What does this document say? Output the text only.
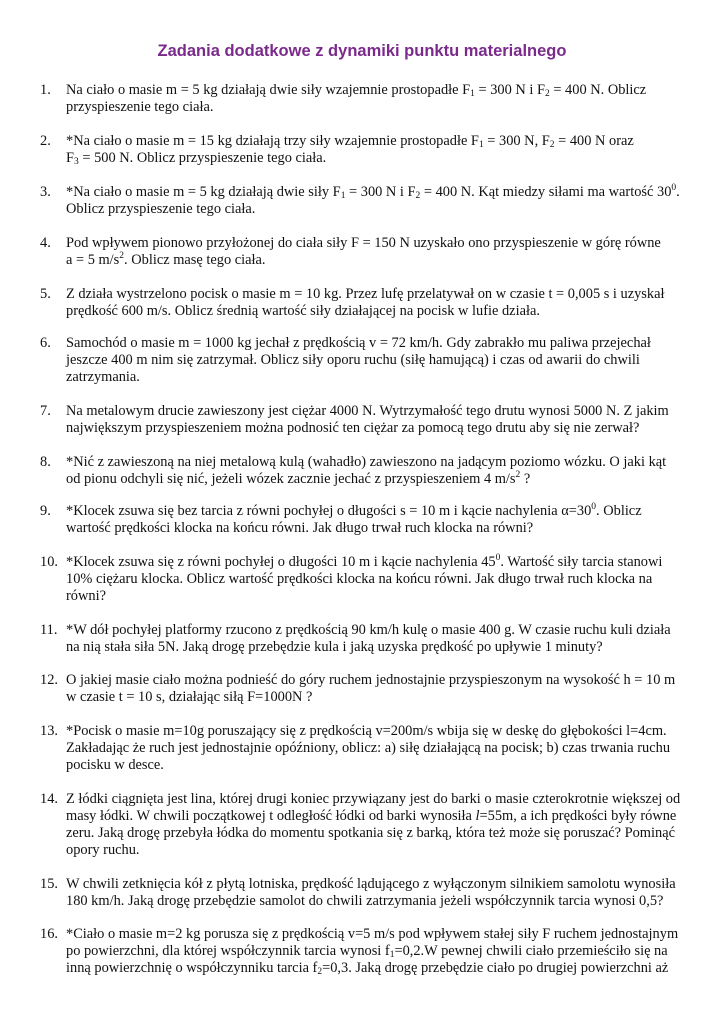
Zadania dodatkowe z dynamiki punktu materialnego
1.	Na ciało o masie m = 5 kg działają dwie siły wzajemnie prostopadłe $F_1 = 300$ N i $F_2 = 400$ N. Oblicz
przyspieszenie tego ciała.
2.	*Na ciało o masie m = 15 kg działają trzy siły wzajemnie prostopadłe $F_1 = 300$ N, $F_2 = 400$ N oraz
$F_3 = 500$ N. Oblicz przyspieszenie tego ciała.
3.	*Na ciało o masie m = 5 kg działają dwie siły $F_1 = 300$ N i $F_2 = 400$ N. Kąt miedzy siłami ma wartość $30^0$.
Oblicz przyspieszenie tego ciała.
4.	Pod wpływem pionowo przyłożonej do ciała siły F = 150 N uzyskało ono przyspieszenie w górę równe
a = 5 $m/s^2$. Oblicz masę tego ciała.
5.	Z działa wystrzelono pocisk o masie m = 10 kg. Przez lufę przelatywał on w czasie t = 0,005 s i uzyskał
prędkość 600 m/s. Oblicz średnią wartość siły działającej na pocisk w lufie działa.
6.	Samochód o masie m = 1000 kg jechał z prędkością v = 72 km/h. Gdy zabrakło mu paliwa przejechał
jeszcze 400 m nim się zatrzymał. Oblicz siły oporu ruchu (siłę hamującą) i czas od awarii do chwili
zatrzymania.
7.	Na metalowym drucie zawieszony jest ciężar 4000 N. Wytrzymałość tego drutu wynosi 5000 N. Z jakim
największym przyspieszeniem można podnosić ten ciężar za pomocą tego drutu aby się nie zerwał?
8.	*Nić z zawieszoną na niej metalową kulą (wahadło) zawieszono na jadącym poziomo wózku. O jaki kąt
od pionu odchyli się nić, jeżeli wózek zacznie jechać z przyspieszeniem 4 $m/s^2$ ?
9.	*Klocek zsuwa się bez tarcia z równi pochyłej o długości s = 10 m i kącie nachylenia $\alpha=30^0$. Oblicz
wartość prędkości klocka na końcu równi. Jak długo trwał ruch klocka na równi?
10. *Klocek zsuwa się z równi pochyłej o długości 10 m i kącie nachylenia $45^0$. Wartość siły tarcia stanowi
10% ciężaru klocka. Oblicz wartość prędkości klocka na końcu równi. Jak długo trwał ruch klocka na
równi?
11. *W dół pochyłej platformy rzucono z prędkością 90 km/h kulę o masie 400 g. W czasie ruchu kuli działa
na nią stała siła 5N. Jaką drogę przebędzie kula i jaką uzyska prędkość po upływie 1 minuty?
12. O jakiej masie ciało można podnieść do góry ruchem jednostajnie przyspieszonym na wysokość h = 10 m
w czasie t = 10 s, działając siłą F=1000N ?
13. *Pocisk o masie m=10g poruszający się z prędkością v=200m/s wbija się w deskę do głębokości l=4cm.
Zakładając że ruch jest jednostajnie opóźniony, oblicz: a) siłę działającą na pocisk; b) czas trwania ruchu
pocisku w desce.
14. Z łódki ciągnięta jest lina, której drugi koniec przywiązany jest do barki o masie czterokrotnie większej od
masy łódki. W chwili początkowej t odległość łódki od barki wynosiła l=55m, a ich prędkości były równe
zeru. Jaką drogę przebyła łódka do momentu spotkania się z barką, która też może się poruszać? Pominąć
opory ruchu.
15. W chwili zetknięcia kół z płytą lotniska, prędkość lądującego z wyłączonym silnikiem samolotu wynosiła
180 km/h. Jaką drogę przebędzie samolot do chwili zatrzymania jeżeli współczynnik tarcia wynosi 0,5?
16. *Ciało o masie m=2 kg porusza się z prędkością v=5 m/s pod wpływem stałej siły F ruchem jednostajnym
po powierzchni, dla której współczynnik tarcia wynosi $f_1=0,2.W$ pewnej chwili ciało przemieściło się na
inną powierzchnię o współczynniku tarcia $f_2=0,3$. Jaką drogę przebędzie ciało po drugiej powierzchni aż
